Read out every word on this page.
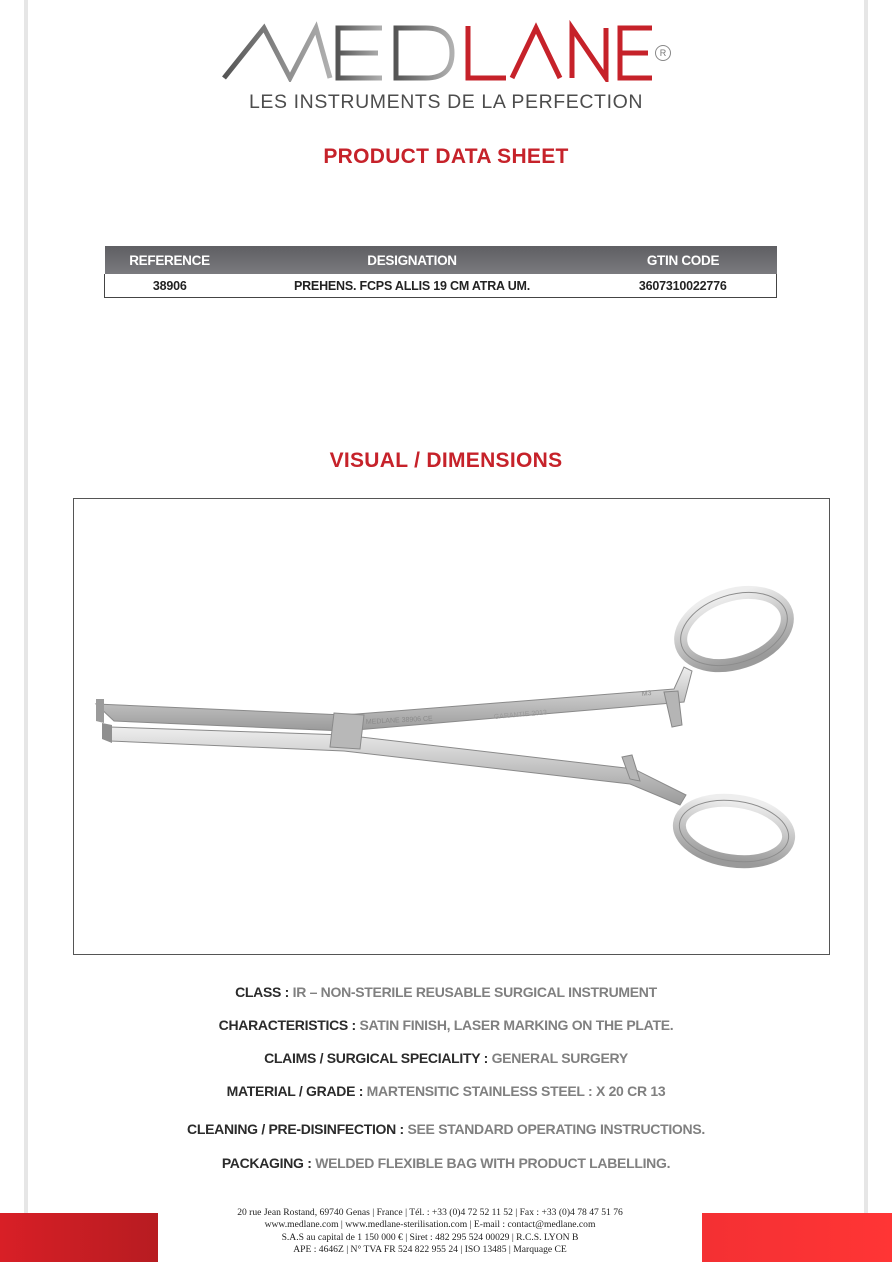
R
LES INSTRUMENTS DE LA PERFECTION
PRODUCT DATA SHEET
REFERENCE	DESIGNATION	GTIN CODE
38906	PREHENS. FCPS ALLIS 19 CM ATRA UM.	3607310022776
VISUAL / DIMENSIONS
MEDLANE 38906 CE	GARANTIE 2013
M3
CLASS : IR – NON-STERILE REUSABLE SURGICAL INSTRUMENT
CHARACTERISTICS : SATIN FINISH, LASER MARKING ON THE PLATE.
CLAIMS / SURGICAL SPECIALITY : GENERAL SURGERY
MATERIAL / GRADE : MARTENSITIC STAINLESS STEEL : X 20 CR 13
CLEANING / PRE-DISINFECTION : SEE STANDARD OPERATING INSTRUCTIONS.
PACKAGING : WELDED FLEXIBLE BAG WITH PRODUCT LABELLING.
20 rue Jean Rostand, 69740 Genas | France | Tél. : +33 (0)4 72 52 11 52 | Fax : +33 (0)4 78 47 51 76
www.medlane.com | www.medlane-sterilisation.com | E-mail : contact@medlane.com
S.A.S au capital de 1 150 000 € | Siret : 482 295 524 00029 | R.C.S. LYON B
APE : 4646Z | N° TVA FR 524 822 955 24 | ISO 13485 | Marquage CE
